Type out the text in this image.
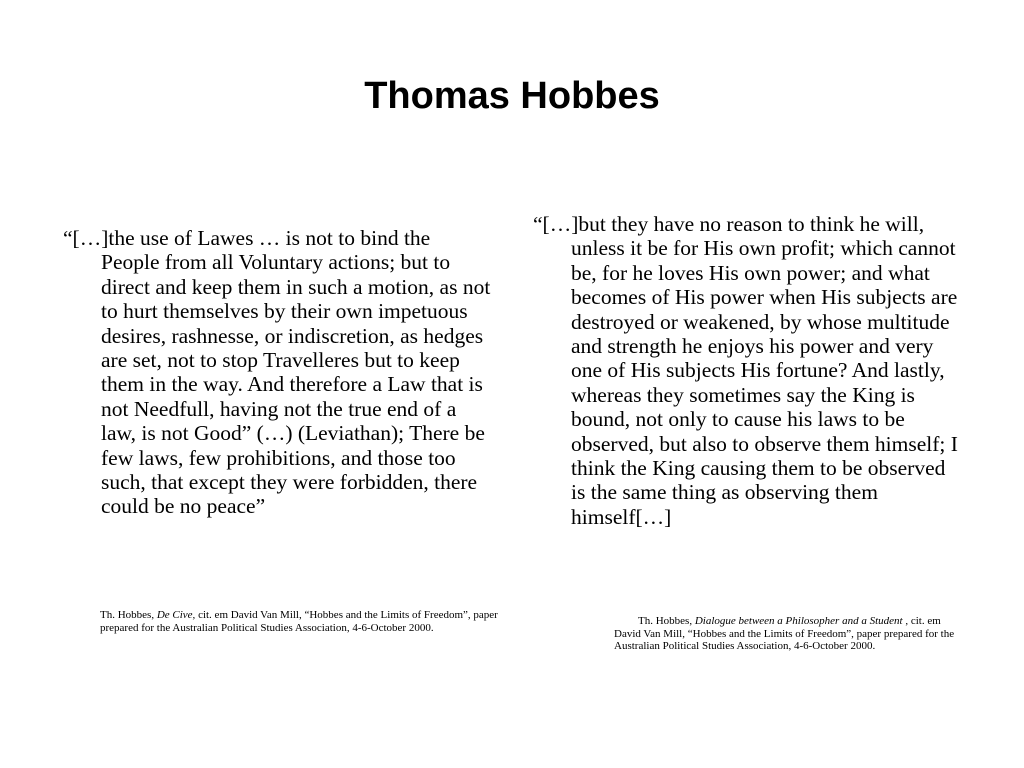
Thomas Hobbes

“[…]the use of Lawes … is not to bind the People from all Voluntary actions; but to direct and keep them in such a motion, as not to hurt themselves by their own impetuous desires, rashnesse, or indiscretion, as hedges are set, not to stop Travelleres but to keep them in the way. And therefore a Law that is not Needfull, having not the true end of a law, is not Good” (…) (Leviathan); There be few laws, few prohibitions, and those too such, that except they were forbidden, there could be no peace”

Th. Hobbes, De Cive, cit. em David Van Mill, “Hobbes and the Limits of Freedom”, paper prepared for the Australian Political Studies Association, 4-6-October 2000.

“[…]but they have no reason to think he will, unless it be for His own profit; which cannot be, for he loves His own power; and what becomes of His power when His subjects are destroyed or weakened, by whose multitude and strength he enjoys his power and very one of His subjects His fortune? And lastly, whereas they sometimes say the King is bound, not only to cause his laws to be observed, but also to observe them himself; I think the King causing them to be observed is the same thing as observing them himself[…]

Th. Hobbes, Dialogue between a Philosopher and a Student , cit. em David Van Mill, “Hobbes and the Limits of Freedom”, paper prepared for the Australian Political Studies Association, 4-6-October 2000.
